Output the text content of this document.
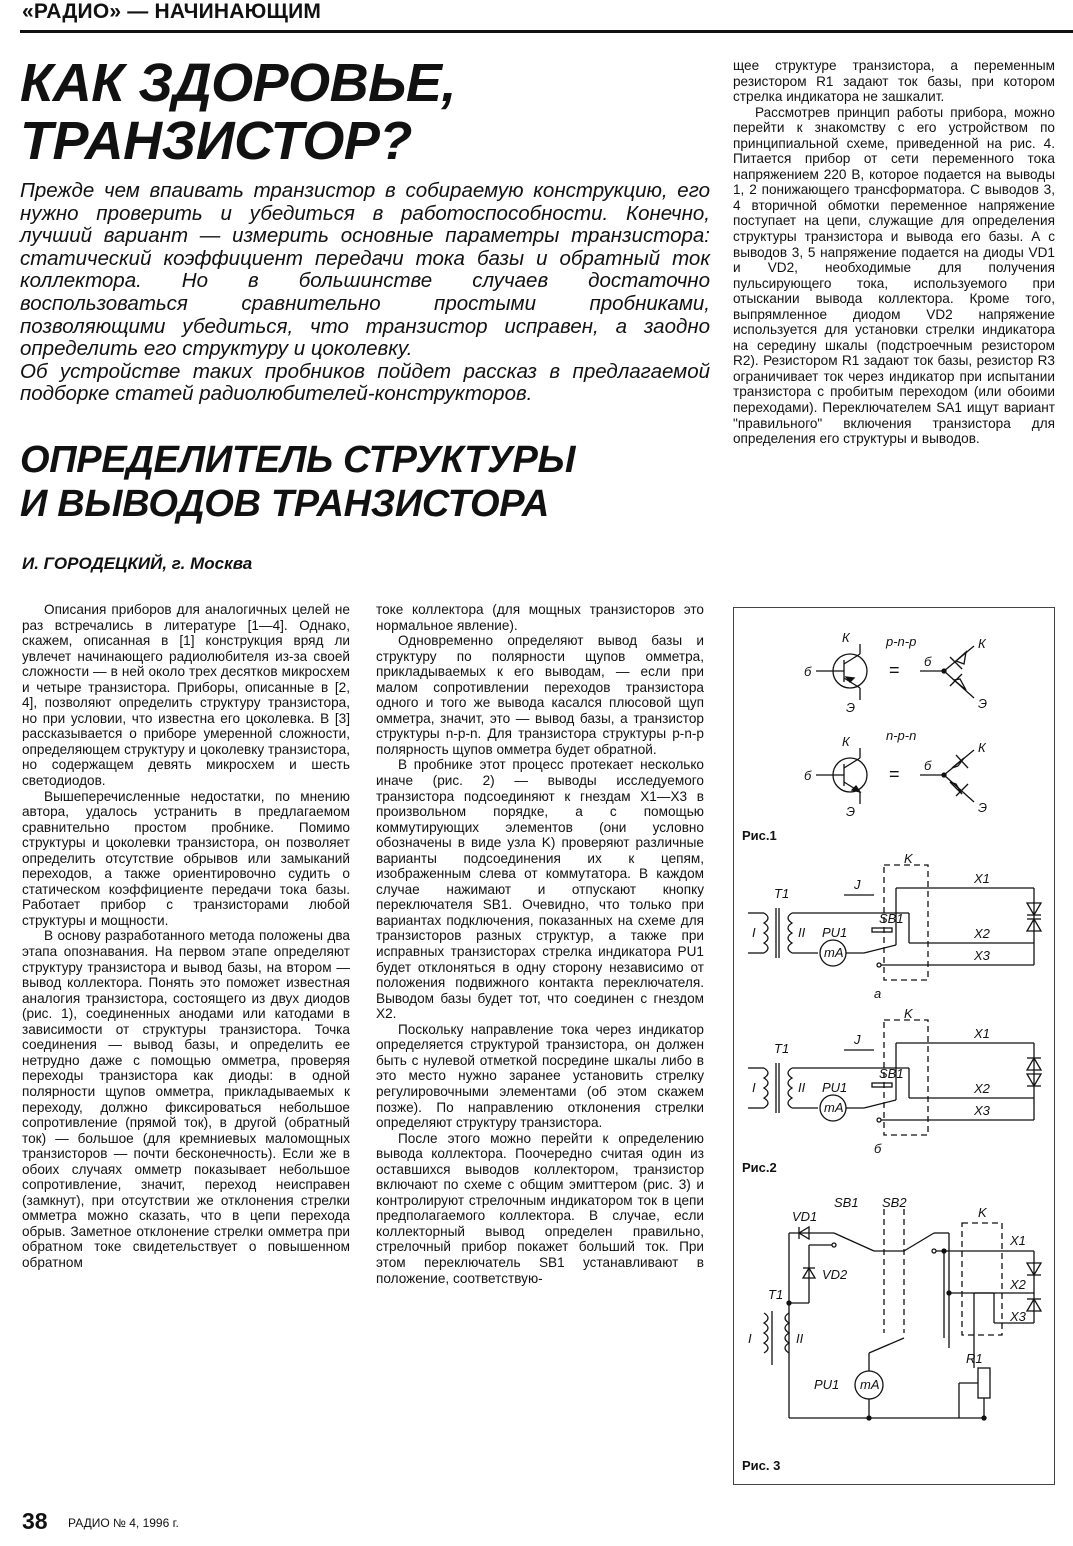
«РАДИО» — НАЧИНАЮЩИМ
КАК ЗДОРОВЬЕ,
ТРАНЗИСТОР?

Прежде чем впаивать транзистор в собираемую конструкцию, его нужно проверить и убедиться в работоспособности. Конечно, лучший вариант — измерить основные параметры транзистора: статический коэффициент передачи тока базы и обратный ток коллектора. Но в большинстве случаев достаточно воспользоваться сравнительно простыми пробниками, позволяющими убедиться, что транзистор исправен, а заодно определить его структуру и цоколевку.

Об устройстве таких пробников пойдет рассказ в предлагаемой подборке статей радиолюбителей-конструкторов.

ОПРЕДЕЛИТЕЛЬ СТРУКТУРЫ
И ВЫВОДОВ ТРАНЗИСТОРА
И. ГОРОДЕЦКИЙ, г. Москва

Описания приборов для аналогичных целей не раз встречались в литературе [1—4]. Однако, скажем, описанная в [1] конструкция вряд ли увлечет начинающего радиолюбителя из-за своей сложности — в ней около трех десятков микросхем и четыре транзистора. Приборы, описанные в [2, 4], позволяют определить структуру транзистора, но при условии, что известна его цоколевка. В [3] рассказывается о приборе умеренной сложности, определяющем структуру и цоколевку транзистора, но содержащем девять микросхем и шесть светодиодов.

Вышеперечисленные недостатки, по мнению автора, удалось устранить в предлагаемом сравнительно простом пробнике. Помимо структуры и цоколевки транзистора, он позволяет определить отсутствие обрывов или замыканий переходов, а также ориентировочно судить о статическом коэффициенте передачи тока базы. Работает прибор с транзисторами любой структуры и мощности.

В основу разработанного метода положены два этапа опознавания. На первом этапе определяют структуру транзистора и вывод базы, на втором — вывод коллектора. Понять это поможет известная аналогия транзистора, состоящего из двух диодов (рис. 1), соединенных анодами или катодами в зависимости от структуры транзистора. Точка соединения — вывод базы, и определить ее нетрудно даже с помощью омметра, проверяя переходы транзистора как диоды: в одной полярности щупов омметра, прикладываемых к переходу, должно фиксироваться небольшое сопротивление (прямой ток), в другой (обратный ток) — большое (для кремниевых маломощных транзисторов — почти бесконечность). Если же в обоих случаях омметр показывает небольшое сопротивление, значит, переход неисправен (замкнут), при отсутствии же отклонения стрелки омметра можно сказать, что в цепи перехода обрыв. Заметное отклонение стрелки омметра при обратном токе свидетельствует о повышенном обратном

токе коллектора (для мощных транзисторов это нормальное явление).

Одновременно определяют вывод базы и структуру по полярности щупов омметра, прикладываемых к его выводам, — если при малом сопротивлении переходов транзистора одного и того же вывода касался плюсовой щуп омметра, значит, это — вывод базы, а транзистор структуры n-p-n. Для транзистора структуры p-n-p полярность щупов омметра будет обратной.

В пробнике этот процесс протекает несколько иначе (рис. 2) — выводы исследуемого транзистора подсоединяют к гнездам X1—X3 в произвольном порядке, а с помощью коммутирующих элементов (они условно обозначены в виде узла K) проверяют различные варианты подсоединения их к цепям, изображенным слева от коммутатора. В каждом случае нажимают и отпускают кнопку переключателя SB1. Очевидно, что только при вариантах подключения, показанных на схеме для транзисторов разных структур, а также при исправных транзисторах стрелка индикатора PU1 будет отклоняться в одну сторону независимо от положения подвижного контакта переключателя. Выводом базы будет тот, что соединен с гнездом X2.

Поскольку направление тока через индикатор определяется структурой транзистора, он должен быть с нулевой отметкой посредине шкалы либо в это место нужно заранее установить стрелку регулировочными элементами (об этом скажем позже). По направлению отклонения стрелки определяют структуру транзистора.

После этого можно перейти к определению вывода коллектора. Поочередно считая один из оставшихся выводов коллектором, транзистор включают по схеме с общим эмиттером (рис. 3) и контролируют стрелочным индикатором ток в цепи предполагаемого коллектора. В случае, если коллекторный вывод определен правильно, стрелочный прибор покажет больший ток. При этом переключатель SB1 устанавливают в положение, соответствую-

щее структуре транзистора, а переменным резистором R1 задают ток базы, при котором стрелка индикатора не зашкалит.

Рассмотрев принцип работы прибора, можно перейти к знакомству с его устройством по принципиальной схеме, приведенной на рис. 4. Питается прибор от сети переменного тока напряжением 220 В, которое подается на выводы 1, 2 понижающего трансформатора. С выводов 3, 4 вторичной обмотки переменное напряжение поступает на цепи, служащие для определения структуры транзистора и вывода его базы. А с выводов 3, 5 напряжение подается на диоды VD1 и VD2, необходимые для получения пульсирующего тока, используемого при отыскании вывода коллектора. Кроме того, выпрямленное диодом VD2 напряжение используется для установки стрелки индикатора на середину шкалы (подстроечным резистором R2). Резистором R1 задают ток базы, резистор R3 ограничивает ток через индикатор при испытании транзистора с пробитым переходом (или обоими переходами). Переключателем SA1 ищут вариант "правильного" включения транзистора для определения его структуры и выводов.

p-n-p
К
б
Э
= б
К
Э
n-p-n
К
б
Э
= б
К
Э
Рис.1
T1
I	II
J
PU1
mA
SB1
K
X1
X2
X3
а
T1
I	II
J
PU1
mA
SB1
K
X1
X2
X3
б
Рис.2
SB1 SB2
VD1
VD2
T1
I	II
PU1 mA
R1
K
X1
X2
X3
Рис. 3
38 РАДИО № 4, 1996 г.
